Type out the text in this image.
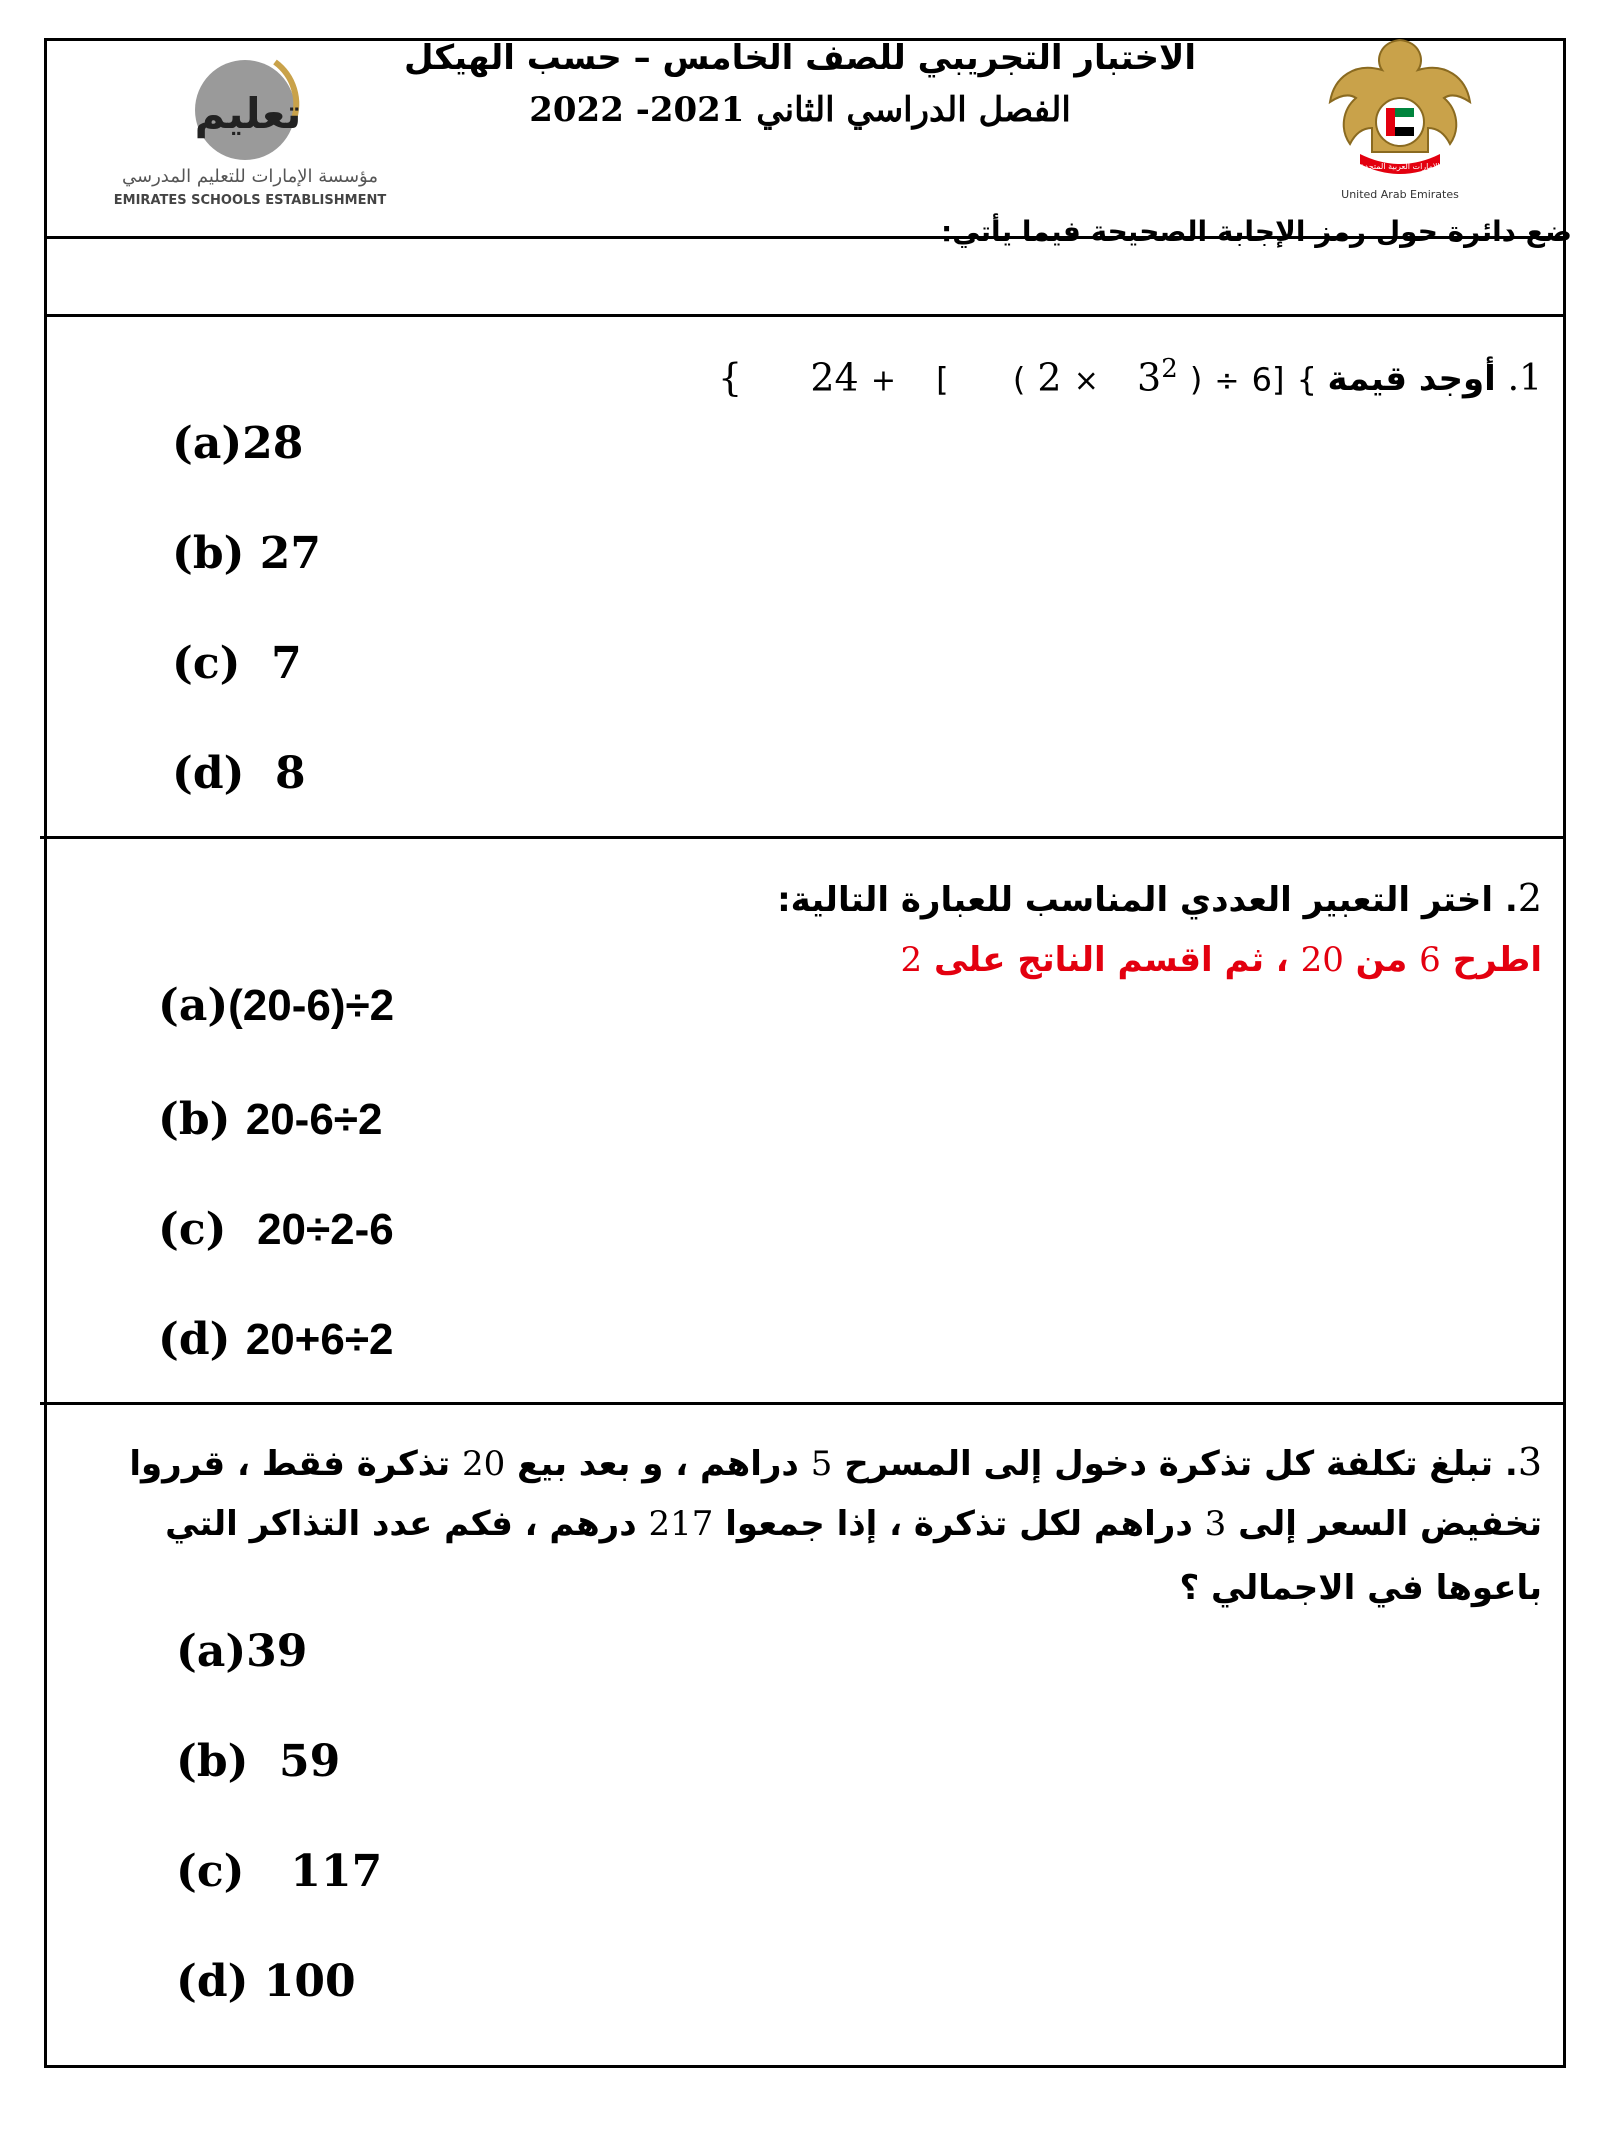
تعليم
مؤسسة الإمارات للتعليم المدرسي
EMIRATES SCHOOLS ESTABLISHMENT
الإمارات العربية المتحدة
United Arab Emirates
الاختبار التجريبي للصف الخامس – حسب الهيكل
الفصل الدراسي الثاني 2021- 2022
ضع دائرة حول رمز الإجابة الصحيحة فيما يأتي:
1. أوجد قيمة
{ 24 + [ ( $2 \times 3^2$ ) ÷ 6] {
(a)28
(b) 27
(c) 7
(d) 8
2. اختر التعبير العددي المناسب للعبارة التالية:
اطرح 6 من 20 ، ثم اقسم الناتج على 2
(a)(20-6)÷2
(b) 20-6÷2
(c) 20÷2-6
(d) 20+6÷2
3. تبلغ تكلفة كل تذكرة دخول إلى المسرح 5 دراهم ، و بعد بيع 20 تذكرة فقط ، قرروا
تخفيض السعر إلى 3 دراهم لكل تذكرة ، إذا جمعوا 217 درهم ، فكم عدد التذاكر التي
باعوها في الاجمالي ؟
(a)39
(b) 59
(c) 117
(d) 100
